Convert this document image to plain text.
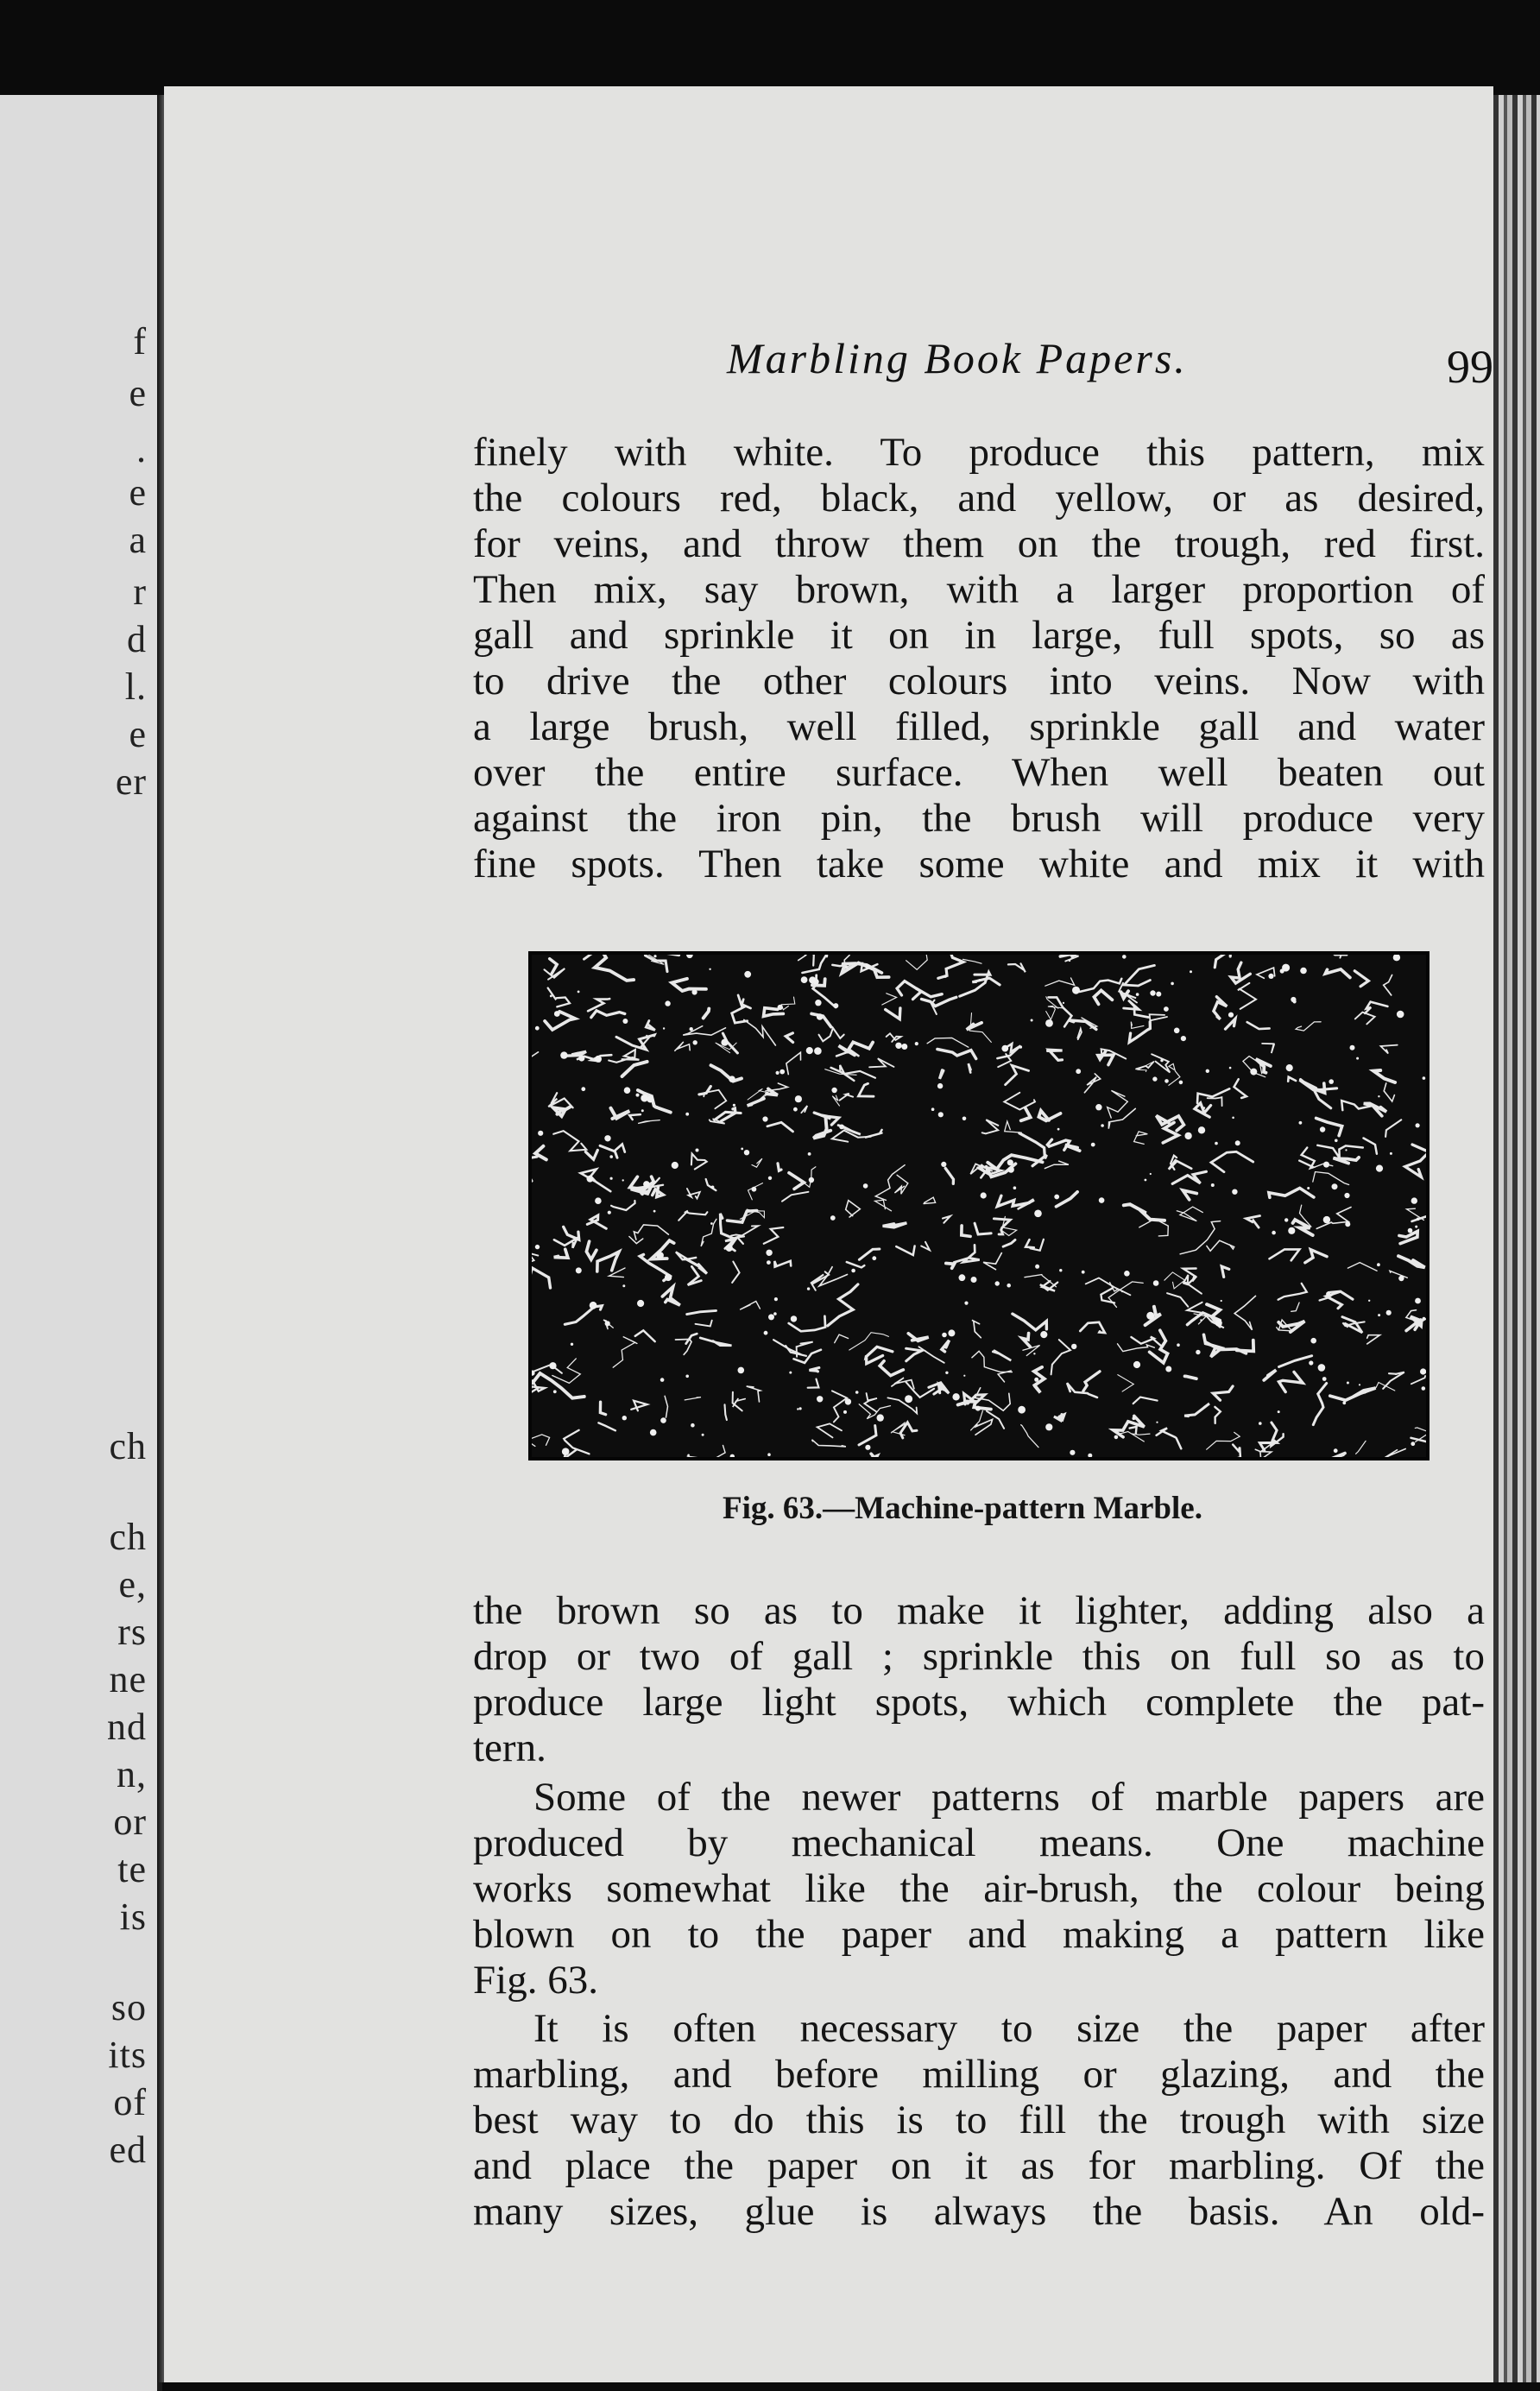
f
e
.
e
a
r
d
l.
e
er
ch
ch
e,
rs
ne
nd
n,
or
te
is
so
its
of
ed
Marbling Book Papers.	99
finely with white. To produce this pattern, mix
the colours red, black, and yellow, or as desired,
for veins, and throw them on the trough, red first.
Then mix, say brown, with a larger proportion of
gall and sprinkle it on in large, full spots, so as
to drive the other colours into veins. Now with
a large brush, well filled, sprinkle gall and water
over the entire surface. When well beaten out
against the iron pin, the brush will produce very
fine spots. Then take some white and mix it with
Fig. 63.—Machine-pattern Marble.
the brown so as to make it lighter, adding also a
drop or two of gall ; sprinkle this on full so as to
produce large light spots, which complete the pat-
tern.
Some of the newer patterns of marble papers are
produced by mechanical means. One machine
works somewhat like the air-brush, the colour being
blown on to the paper and making a pattern like
Fig. 63.
It is often necessary to size the paper after
marbling, and before milling or glazing, and the
best way to do this is to fill the trough with size
and place the paper on it as for marbling. Of the
many sizes, glue is always the basis. An old-
